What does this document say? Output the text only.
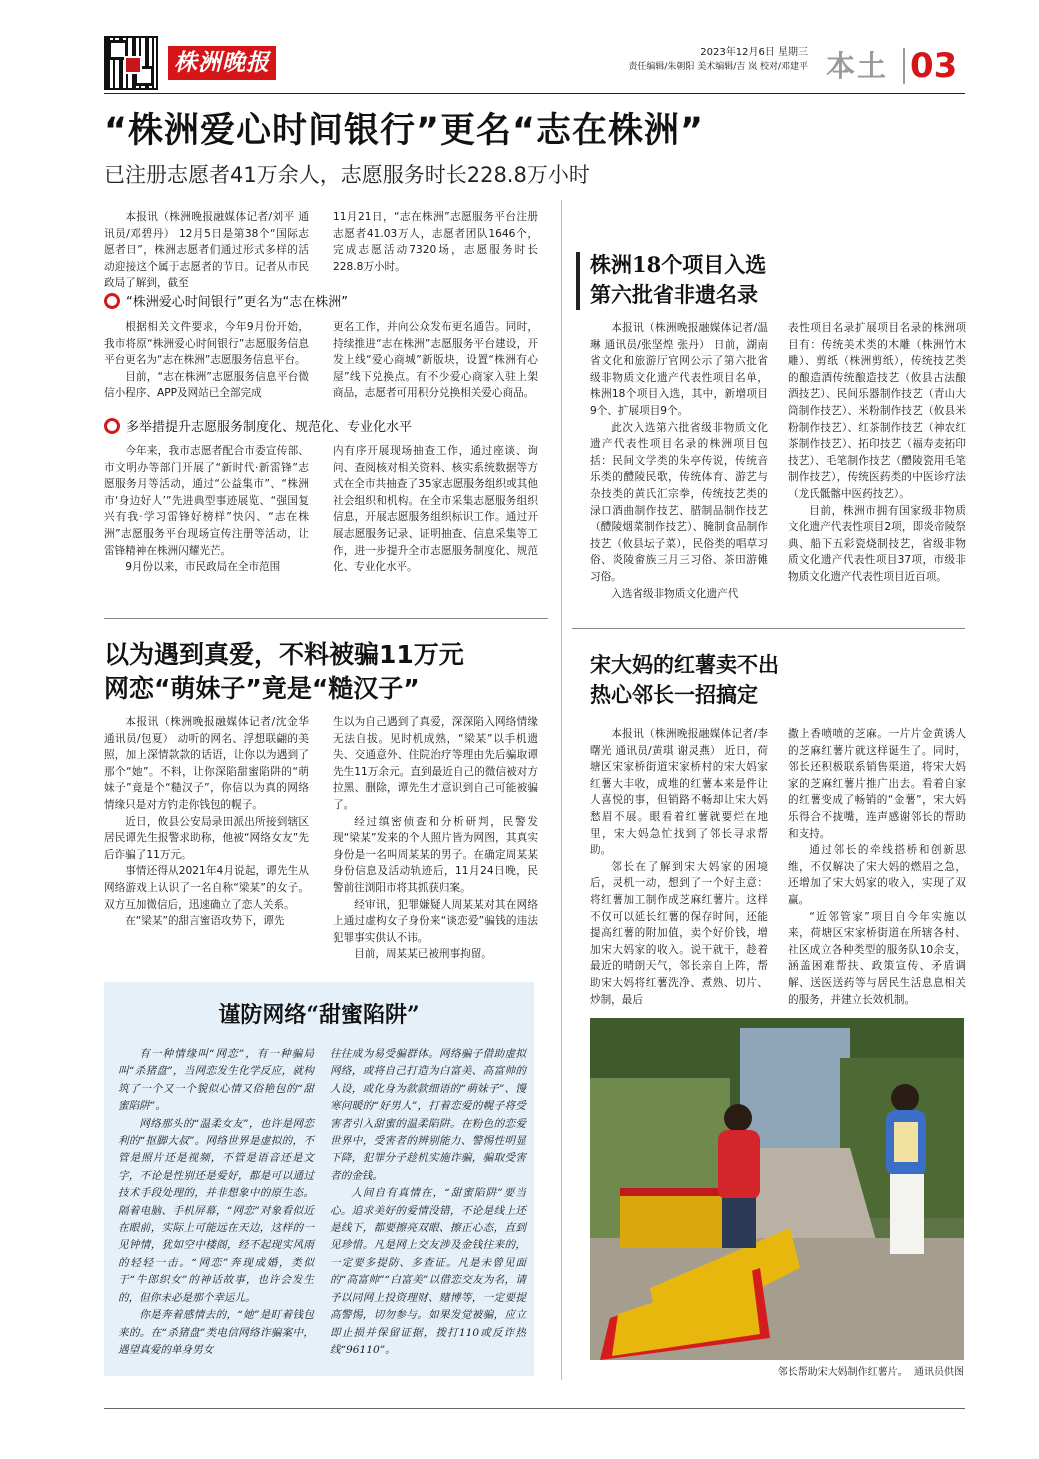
株洲晚报	2023年12月6日 星期三
责任编辑/朱朝阳 美术编辑/吉 岚 校对/邓建平 本土 03
“株洲爱心时间银行”更名“志在株洲”
已注册志愿者41万余人，志愿服务时长228.8万小时

本报讯（株洲晚报融媒体记者/刘平 通讯员/邓碧丹） 12月5日是第38个“国际志愿者日”，株洲志愿者们通过形式多样的活动迎接这个属于志愿者的节日。记者从市民政局了解到，截至

11月21日，“志在株洲”志愿服务平台注册志愿者41.03万人，志愿者团队1646个，完成志愿活动7320场，志愿服务时长228.8万小时。

“株洲爱心时间银行”更名为“志在株洲”

根据相关文件要求，今年9月份开始，我市将原“株洲爱心时间银行”志愿服务信息平台更名为“志在株洲”志愿服务信息平台。

目前，“志在株洲”志愿服务信息平台微信小程序、APP及网站已全部完成

更名工作，并向公众发布更名通告。同时，持续推进“志在株洲”志愿服务平台建设，开发上线“爱心商城”新版块，设置“株洲有心屋”线下兑换点。有不少爱心商家入驻上架商品，志愿者可用积分兑换相关爱心商品。

多举措提升志愿服务制度化、规范化、专业化水平

今年来，我市志愿者配合市委宣传部、市文明办等部门开展了“新时代·新雷锋”志愿服务月等活动，通过“公益集市”、“株洲市‘身边好人’”先进典型事迹展览、“强国复兴有我·学习雷锋好榜样”快闪、“志在株洲”志愿服务平台现场宣传注册等活动，让雷锋精神在株洲闪耀光芒。

9月份以来，市民政局在全市范围

内有序开展现场抽查工作，通过座谈、询问、查阅核对相关资料、核实系统数据等方式在全市共抽查了35家志愿服务组织或其他社会组织和机构。在全市采集志愿服务组织信息，开展志愿服务组织标识工作。通过开展志愿服务记录、证明抽查、信息采集等工作，进一步提升全市志愿服务制度化、规范化、专业化水平。

株洲18个项目入选
第六批省非遗名录

本报讯（株洲晚报融媒体记者/温琳 通讯员/张坚煌 张丹） 日前，湖南省文化和旅游厅官网公示了第六批省级非物质文化遗产代表性项目名单，株洲18个项目入选，其中，新增项目9个、扩展项目9个。

此次入选第六批省级非物质文化遗产代表性项目名录的株洲项目包括：民间文学类的朱亭传说，传统音乐类的醴陵民歌，传统体育、游艺与杂技类的黄氏汇宗拳，传统技艺类的渌口酒曲制作技艺、腊制品制作技艺（醴陵烟菜制作技艺）、腌制食品制作技艺（攸县坛子菜），民俗类的唱草习俗、炎陵畲族三月三习俗、茶田游傩习俗。

入选省级非物质文化遗产代

表性项目名录扩展项目名录的株洲项目有：传统美术类的木雕（株洲竹木雕）、剪纸（株洲剪纸），传统技艺类的酿造酒传统酿造技艺（攸县古法酿酒技艺）、民间乐器制作技艺（青山大筒制作技艺）、米粉制作技艺（攸县米粉制作技艺）、红茶制作技艺（神农红茶制作技艺）、拓印技艺（福寿麦拓印技艺）、毛笔制作技艺（醴陵瓷用毛笔制作技艺），传统医药类的中医诊疗法（龙氏骶髂中医药技艺）。

目前，株洲市拥有国家级非物质文化遗产代表性项目2项，即炎帝陵祭典、船下五彩瓷烧制技艺，省级非物质文化遗产代表性项目37项，市级非物质文化遗产代表性项目近百项。

以为遇到真爱，不料被骗11万元
网恋“萌妹子”竟是“糙汉子”

本报讯（株洲晚报融媒体记者/沈金华 通讯员/包夏） 动听的网名、浮想联翩的美照，加上深情款款的话语，让你以为遇到了那个“她”。不料，让你深陷甜蜜陷阱的“萌妹子”竟是个“糙汉子”，你信以为真的网络情缘只是对方钓走你钱包的幌子。

近日，攸县公安局录田派出所接到辖区居民谭先生报警求助称，他被“网络女友”先后诈骗了11万元。

事情还得从2021年4月说起，谭先生从网络游戏上认识了一名自称“梁某”的女子。双方互加微信后，迅速确立了恋人关系。

在“梁某”的甜言蜜语攻势下，谭先

生以为自己遇到了真爱，深深陷入网络情缘无法自拔。见时机成熟，“梁某”以手机遗失、交通意外、住院治疗等理由先后骗取谭先生11万余元。直到最近自己的微信被对方拉黑、删除，谭先生才意识到自己可能被骗了。

经过缜密侦查和分析研判，民警发现“梁某”发来的个人照片皆为网图，其真实身份是一名叫周某某的男子。在确定周某某身份信息及活动轨迹后，11月24日晚，民警前往浏阳市将其抓获归案。

经审讯，犯罪嫌疑人周某某对其在网络上通过虚构女子身份来“谈恋爱”骗钱的违法犯罪事实供认不讳。

目前，周某某已被刑事拘留。

宋大妈的红薯卖不出
热心邻长一招搞定

本报讯（株洲晚报融媒体记者/李曙光 通讯员/黄琪 谢灵燕） 近日，荷塘区宋家桥街道宋家桥村的宋大妈家红薯大丰收，成堆的红薯本来是件让人喜悦的事，但销路不畅却让宋大妈愁眉不展。眼看着红薯就要烂在地里，宋大妈急忙找到了邻长寻求帮助。

邻长在了解到宋大妈家的困境后，灵机一动，想到了一个好主意：将红薯加工制作成芝麻红薯片。这样不仅可以延长红薯的保存时间，还能提高红薯的附加值，卖个好价钱，增加宋大妈家的收入。说干就干，趁着最近的晴朗天气，邻长亲自上阵，帮助宋大妈将红薯洗净、煮熟、切片、炒制，最后

撒上香喷喷的芝麻。一片片金黄诱人的芝麻红薯片就这样诞生了。同时，邻长还积极联系销售渠道，将宋大妈家的芝麻红薯片推广出去。看着自家的红薯变成了畅销的“金薯”，宋大妈乐得合不拢嘴，连声感谢邻长的帮助和支持。

通过邻长的牵线搭桥和创新思维，不仅解决了宋大妈的燃眉之急，还增加了宋大妈家的收入，实现了双赢。

“近邻管家”项目自今年实施以来，荷塘区宋家桥街道在所辖各村、社区成立各种类型的服务队10余支，涵盖困难帮扶、政策宣传、矛盾调解、送医送药等与居民生活息息相关的服务，并建立长效机制。

邻长帮助宋大妈制作红薯片。  通讯员供图
谨防网络“甜蜜陷阱”

有一种情缘叫“网恋”，有一种骗局叫“杀猪盘”，当网恋发生化学反应，就构筑了一个又一个貌似心情又俗艳包的“甜蜜陷阱”。

网络那头的“温柔女友”，也许是网恋利的“抠脚大叔”。网络世界是虚拟的，不管是照片还是视频，不管是语音还是文字，不论是性别还是爱好，都是可以通过技术手段处理的，并非想象中的原生态。隔着电脑、手机屏幕，“网恋”对象看似近在眼前，实际上可能远在天边，这样的一见钟情，犹如空中楼阁，经不起现实风雨的轻轻一击。“网恋”奔现成婚，类似于“牛郎织女”的神话故事，也许会发生的，但你未必是那个幸运儿。

你是奔着感情去的，“她”是盯着钱包来的。在“杀猪盘”类电信网络诈骗案中，遇望真爱的单身男女

往往成为易受骗群体。网络骗子借助虚拟网络，或将自己打造为白富美、高富帅的人设，或化身为款款细语的“萌妹子”、馒寒问暖的“好男人”，打着恋爱的幌子将受害者引入甜蜜的温柔陷阱。在粉色的恋爱世界中，受害者的辨别能力、警惕性明显下降，犯罪分子趁机实施诈骗，骗取受害者的金钱。

人间自有真情在，“甜蜜陷阱”要当心。追求美好的爱情没错，不论是线上还是线下，都要擦亮双眼、擦正心态，直到见珍惜。凡是网上交友涉及金钱往来的，一定要多提防、多查证。凡是未曾见面的“高富帅”“白富美”以借恋交友为名，请予以同网上投资理财、赌博等，一定要提高警惕，切勿参与。如果发觉被骗，应立即止损并保留证据，拨打110或反诈热线“96110”。
